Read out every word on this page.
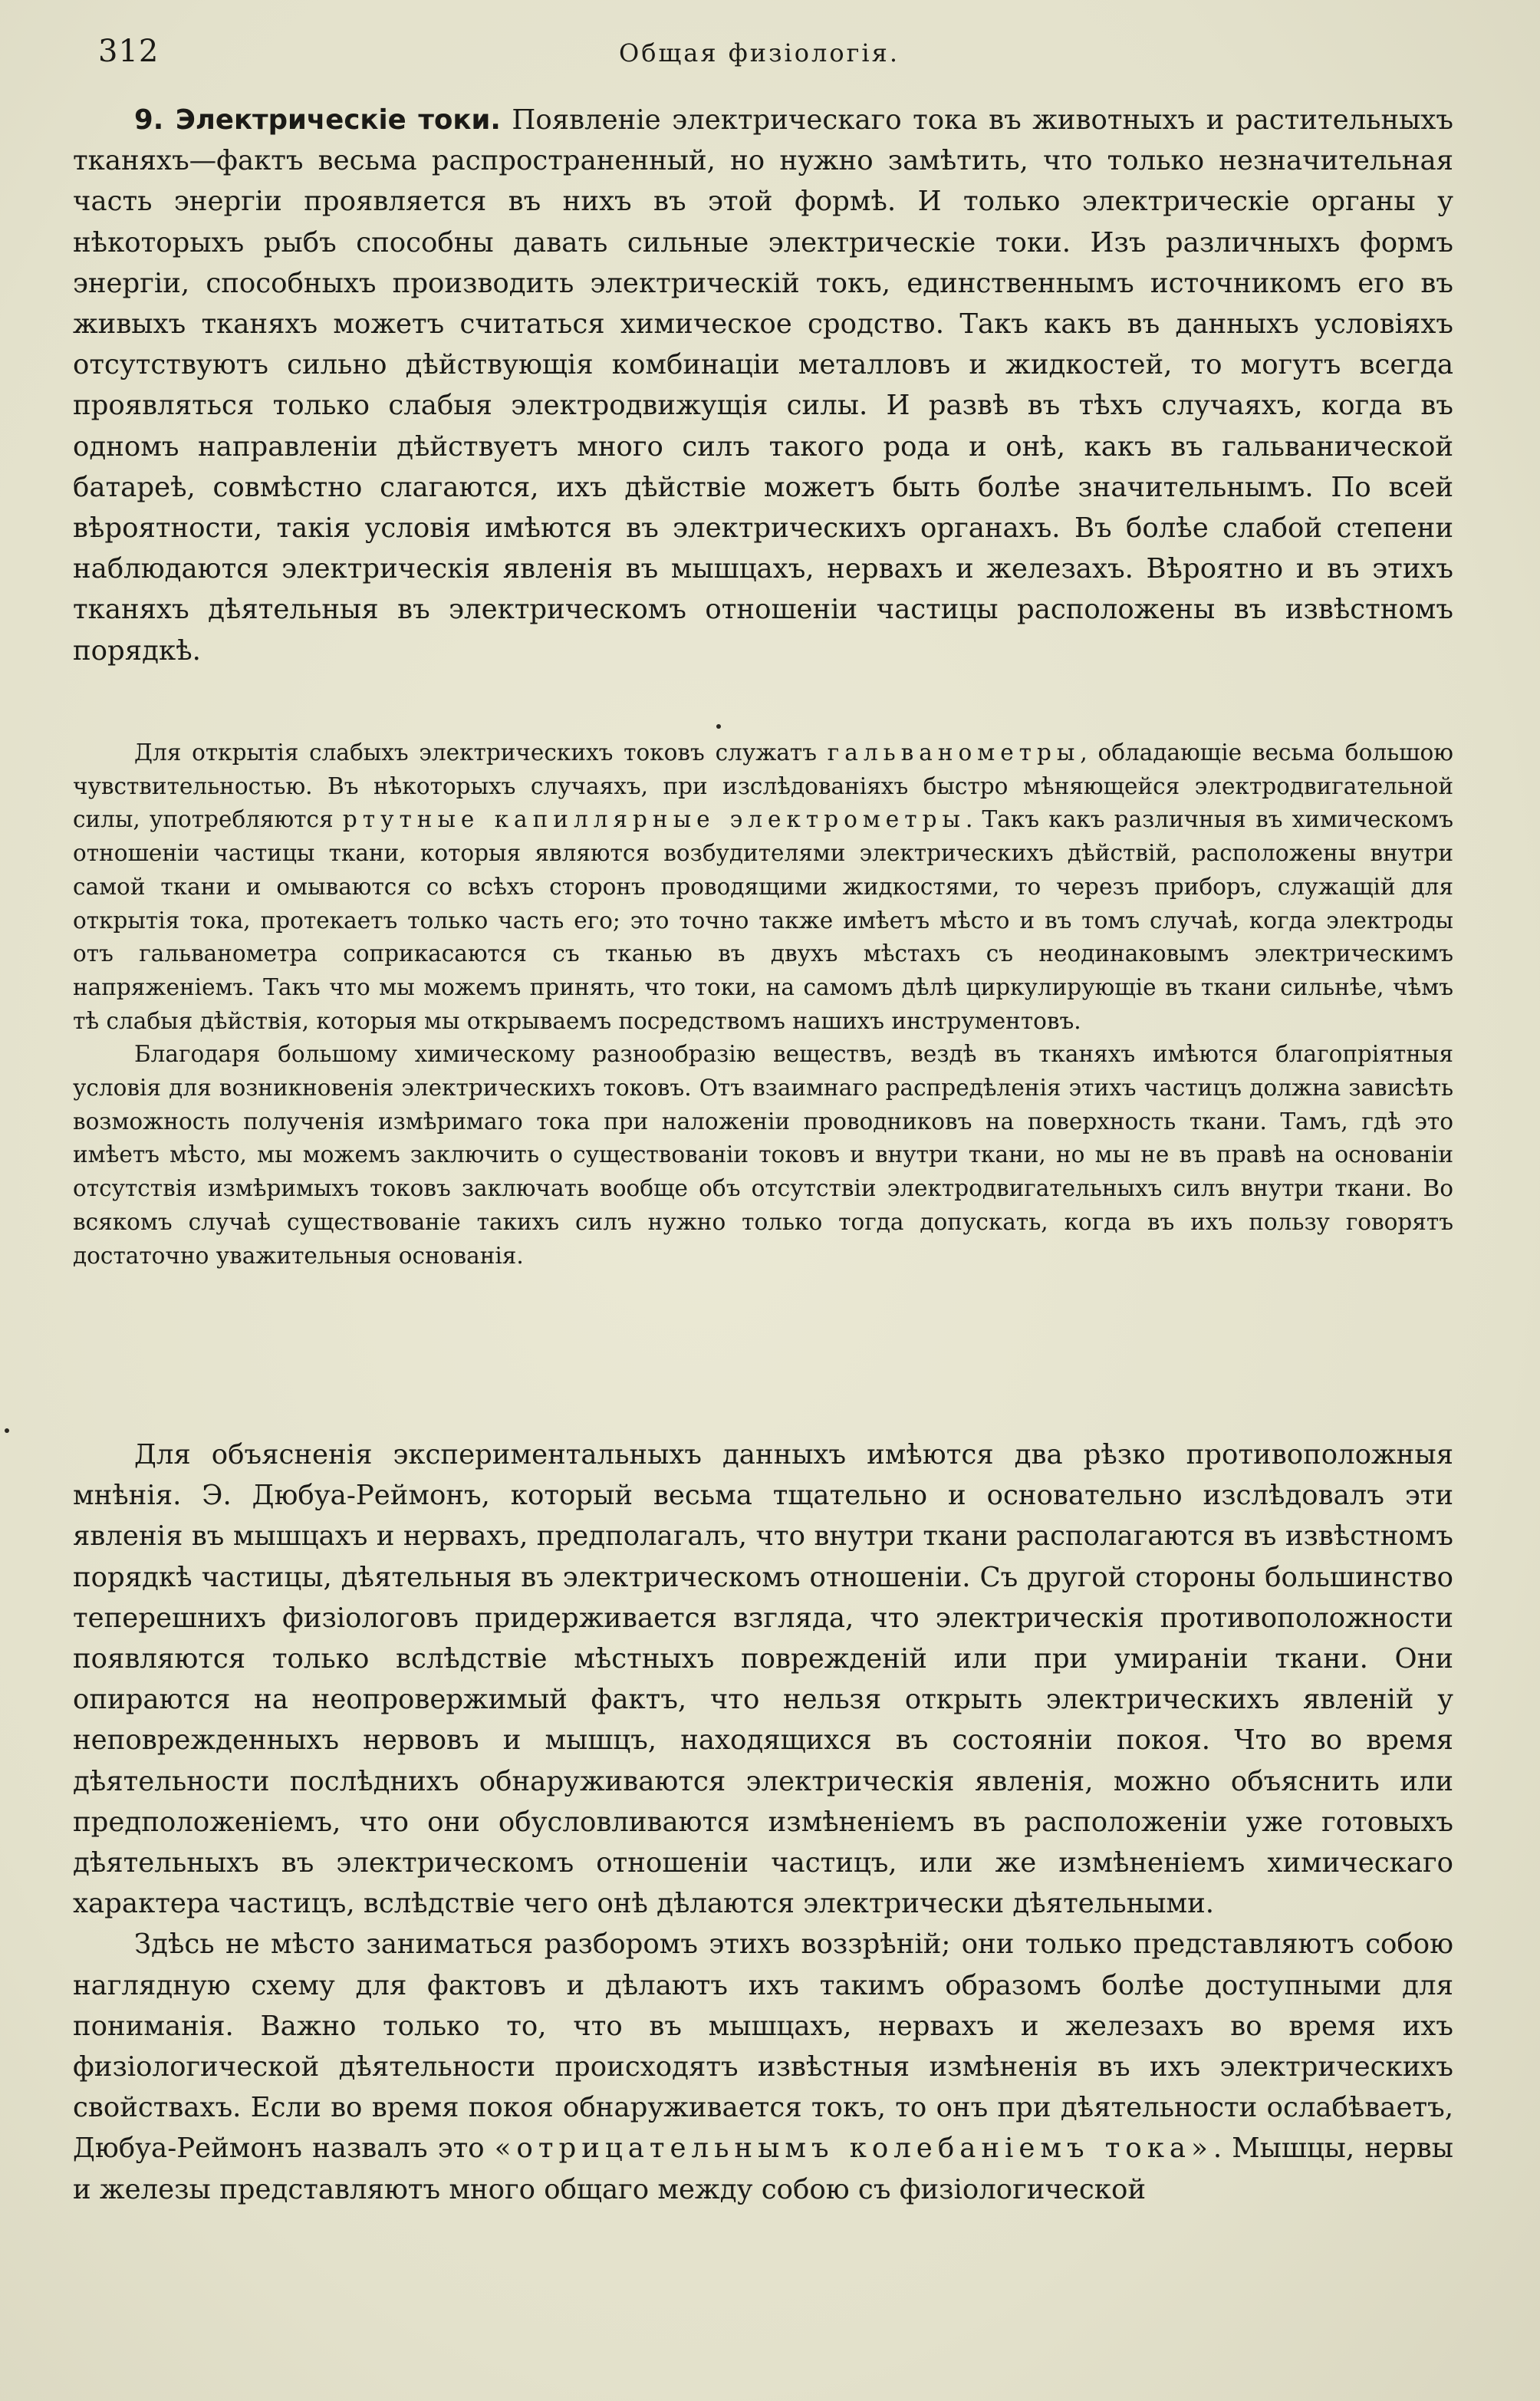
312	Общая физіологія.

9. Электрическіе токи. Появленіе электрическаго тока въ животныхъ и растительныхъ тканяхъ—фактъ весьма распространенный, но нужно замѣтить, что только незначительная часть энергіи проявляется въ нихъ въ этой формѣ. И только электрическіе органы у нѣкоторыхъ рыбъ способны давать сильные электрическіе токи. Изъ различныхъ формъ энергіи, способныхъ производить электрическій токъ, единственнымъ источникомъ его въ живыхъ тканяхъ можетъ считаться химическое сродство. Такъ какъ въ данныхъ условіяхъ отсутствуютъ сильно дѣйствующія комбинаціи металловъ и жидкостей, то могутъ всегда проявляться только слабыя электродвижущія силы. И развѣ въ тѣхъ случаяхъ, когда въ одномъ направленіи дѣйствуетъ много силъ такого рода и онѣ, какъ въ гальванической батареѣ, совмѣстно слагаются, ихъ дѣйствіе можетъ быть болѣе значительнымъ. По всей вѣроятности, такія условія имѣются въ электрическихъ органахъ. Въ болѣе слабой степени наблюдаются электрическія явленія въ мышцахъ, нервахъ и железахъ. Вѣроятно и въ этихъ тканяхъ дѣятельныя въ электрическомъ отношеніи частицы расположены въ извѣстномъ порядкѣ.

Для открытія слабыхъ электрическихъ токовъ служатъ гальванометры, обладающіе весьма большою чувствительностью. Въ нѣкоторыхъ случаяхъ, при изслѣдованіяхъ быстро мѣняющейся электродвигательной силы, употребляются ртутные капиллярные электрометры. Такъ какъ различныя въ химическомъ отношеніи частицы ткани, которыя являются возбудителями электрическихъ дѣйствій, расположены внутри самой ткани и омываются со всѣхъ сторонъ проводящими жидкостями, то черезъ приборъ, служащій для открытія тока, протекаетъ только часть его; это точно также имѣетъ мѣсто и въ томъ случаѣ, когда электроды отъ гальванометра соприкасаются съ тканью въ двухъ мѣстахъ съ неодинаковымъ электрическимъ напряженіемъ. Такъ что мы можемъ принять, что токи, на самомъ дѣлѣ циркулирующіе въ ткани сильнѣе, чѣмъ тѣ слабыя дѣйствія, которыя мы открываемъ посредствомъ нашихъ инструментовъ.

Благодаря большому химическому разнообразію веществъ, вездѣ въ тканяхъ имѣются благопріятныя условія для возникновенія электрическихъ токовъ. Отъ взаимнаго распредѣленія этихъ частицъ должна зависѣть возможность полученія измѣримаго тока при наложеніи проводниковъ на поверхность ткани. Тамъ, гдѣ это имѣетъ мѣсто, мы можемъ заключить о существованіи токовъ и внутри ткани, но мы не въ правѣ на основаніи отсутствія измѣримыхъ токовъ заключать вообще объ отсутствіи электродвигательныхъ силъ внутри ткани. Во всякомъ случаѣ существованіе такихъ силъ нужно только тогда допускать, когда въ ихъ пользу говорятъ достаточно уважительныя основанія.

Для объясненія экспериментальныхъ данныхъ имѣются два рѣзко противоположныя мнѣнія. Э. Дюбуа-Реймонъ, который весьма тщательно и основательно изслѣдовалъ эти явленія въ мышцахъ и нервахъ, предполагалъ, что внутри ткани располагаются въ извѣстномъ порядкѣ частицы, дѣятельныя въ электрическомъ отношеніи. Съ другой стороны большинство теперешнихъ физіологовъ придерживается взгляда, что электрическія противоположности появляются только вслѣдствіе мѣстныхъ поврежденій или при умираніи ткани. Они опираются на неопровержимый фактъ, что нельзя открыть электрическихъ явленій у неповрежденныхъ нервовъ и мышцъ, находящихся въ состояніи покоя. Что во время дѣятельности послѣднихъ обнаруживаются электрическія явленія, можно объяснить или предположеніемъ, что они обусловливаются измѣненіемъ въ расположеніи уже готовыхъ дѣятельныхъ въ электрическомъ отношеніи частицъ, или же измѣненіемъ химическаго характера частицъ, вслѣдствіе чего онѣ дѣлаются электрически дѣятельными.

Здѣсь не мѣсто заниматься разборомъ этихъ воззрѣній; они только представляютъ собою наглядную схему для фактовъ и дѣлаютъ ихъ такимъ образомъ болѣе доступными для пониманія. Важно только то, что въ мышцахъ, нервахъ и железахъ во время ихъ физіологической дѣятельности происходятъ извѣстныя измѣненія въ ихъ электрическихъ свойствахъ. Если во время покоя обнаруживается токъ, то онъ при дѣятельности ослабѣваетъ, Дюбуа-Реймонъ назвалъ это «отрицательнымъ колебаніемъ тока». Мышцы, нервы и железы представляютъ много общаго между собою съ физіологической
